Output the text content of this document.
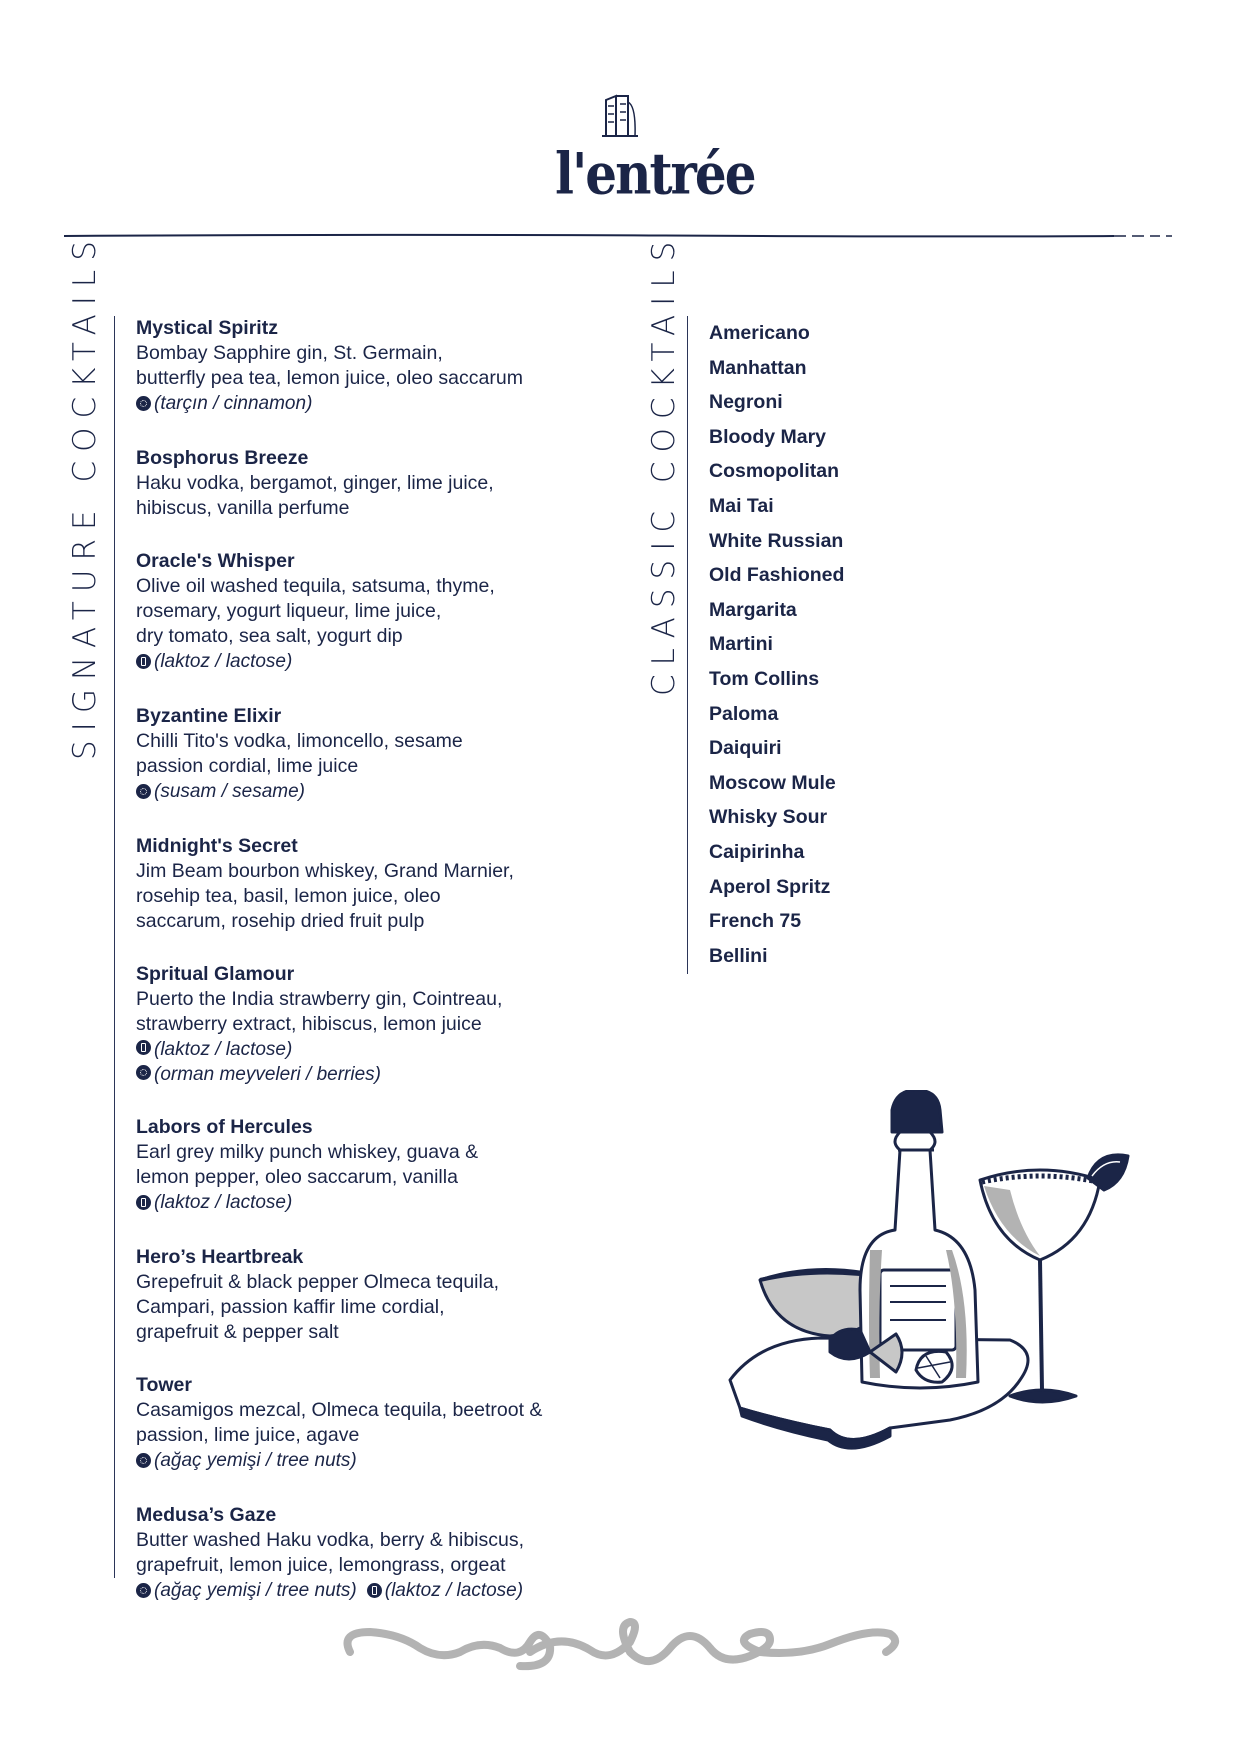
l'entrée
SIGNATURE COCKTAILS Mystical Spiritz
Bombay Sapphire gin, St. Germain,
butterfly pea tea, lemon juice, oleo saccarum
(tarçın / cinnamon)
Bosphorus Breeze
Haku vodka, bergamot, ginger, lime juice,
hibiscus, vanilla perfume
Oracle's Whisper
Olive oil washed tequila, satsuma, thyme,
rosemary, yogurt liqueur, lime juice,
dry tomato, sea salt, yogurt dip
(laktoz / lactose)
Byzantine Elixir
Chilli Tito's vodka, limoncello, sesame
passion cordial, lime juice
(susam / sesame)
Midnight's Secret
Jim Beam bourbon whiskey, Grand Marnier,
rosehip tea, basil, lemon juice, oleo
saccarum, rosehip dried fruit pulp
Spritual Glamour
Puerto the India strawberry gin, Cointreau,
strawberry extract, hibiscus, lemon juice
(laktoz / lactose)
(orman meyveleri / berries)
Labors of Hercules
Earl grey milky punch whiskey, guava &
lemon pepper, oleo saccarum, vanilla
(laktoz / lactose)
Hero’s Heartbreak
Grepefruit & black pepper Olmeca tequila,
Campari, passion kaffir lime cordial,
grapefruit & pepper salt
Tower
Casamigos mezcal, Olmeca tequila, beetroot &
passion, lime juice, agave
(ağaç yemişi / tree nuts)
Medusa’s Gaze
Butter washed Haku vodka, berry & hibiscus,
grapefruit, lemon juice, lemongrass, orgeat
(ağaç yemişi / tree nuts) (laktoz / lactose)
CLASSIC COCKTAILS Americano
Manhattan
Negroni
Bloody Mary
Cosmopolitan
Mai Tai
White Russian
Old Fashioned
Margarita
Martini
Tom Collins
Paloma
Daiquiri
Moscow Mule
Whisky Sour
Caipirinha
Aperol Spritz
French 75
Bellini
